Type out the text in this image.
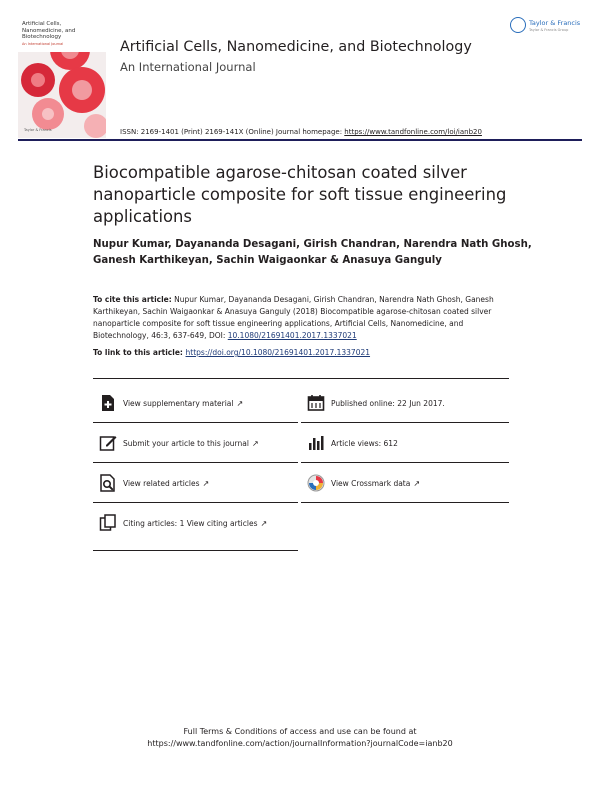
Artificial Cells, Nanomedicine, and Biotechnology
An International Journal
Taylor & Francis
Artificial Cells, Nanomedicine, and Biotechnology
An International Journal
Taylor & Francis
Taylor & Francis Group
ISSN: 2169-1401 (Print) 2169-141X (Online) Journal homepage: https://www.tandfonline.com/loi/ianb20
Biocompatible agarose-chitosan coated silver nanoparticle composite for soft tissue engineering applications
Nupur Kumar, Dayananda Desagani, Girish Chandran, Narendra Nath Ghosh, Ganesh Karthikeyan, Sachin Waigaonkar & Anasuya Ganguly
To cite this article: Nupur Kumar, Dayananda Desagani, Girish Chandran, Narendra Nath Ghosh, Ganesh Karthikeyan, Sachin Waigaonkar & Anasuya Ganguly (2018) Biocompatible agarose-chitosan coated silver nanoparticle composite for soft tissue engineering applications, Artificial Cells, Nanomedicine, and Biotechnology, 46:3, 637-649, DOI: 10.1080/21691401.2017.1337021
To link to this article: https://doi.org/10.1080/21691401.2017.1337021
View supplementary material ↗	Published online: 22 Jun 2017.
Submit your article to this journal ↗	Article views: 612
View related articles ↗	View Crossmark data ↗
Citing articles: 1 View citing articles ↗
Full Terms & Conditions of access and use can be found at
https://www.tandfonline.com/action/journalInformation?journalCode=ianb20
